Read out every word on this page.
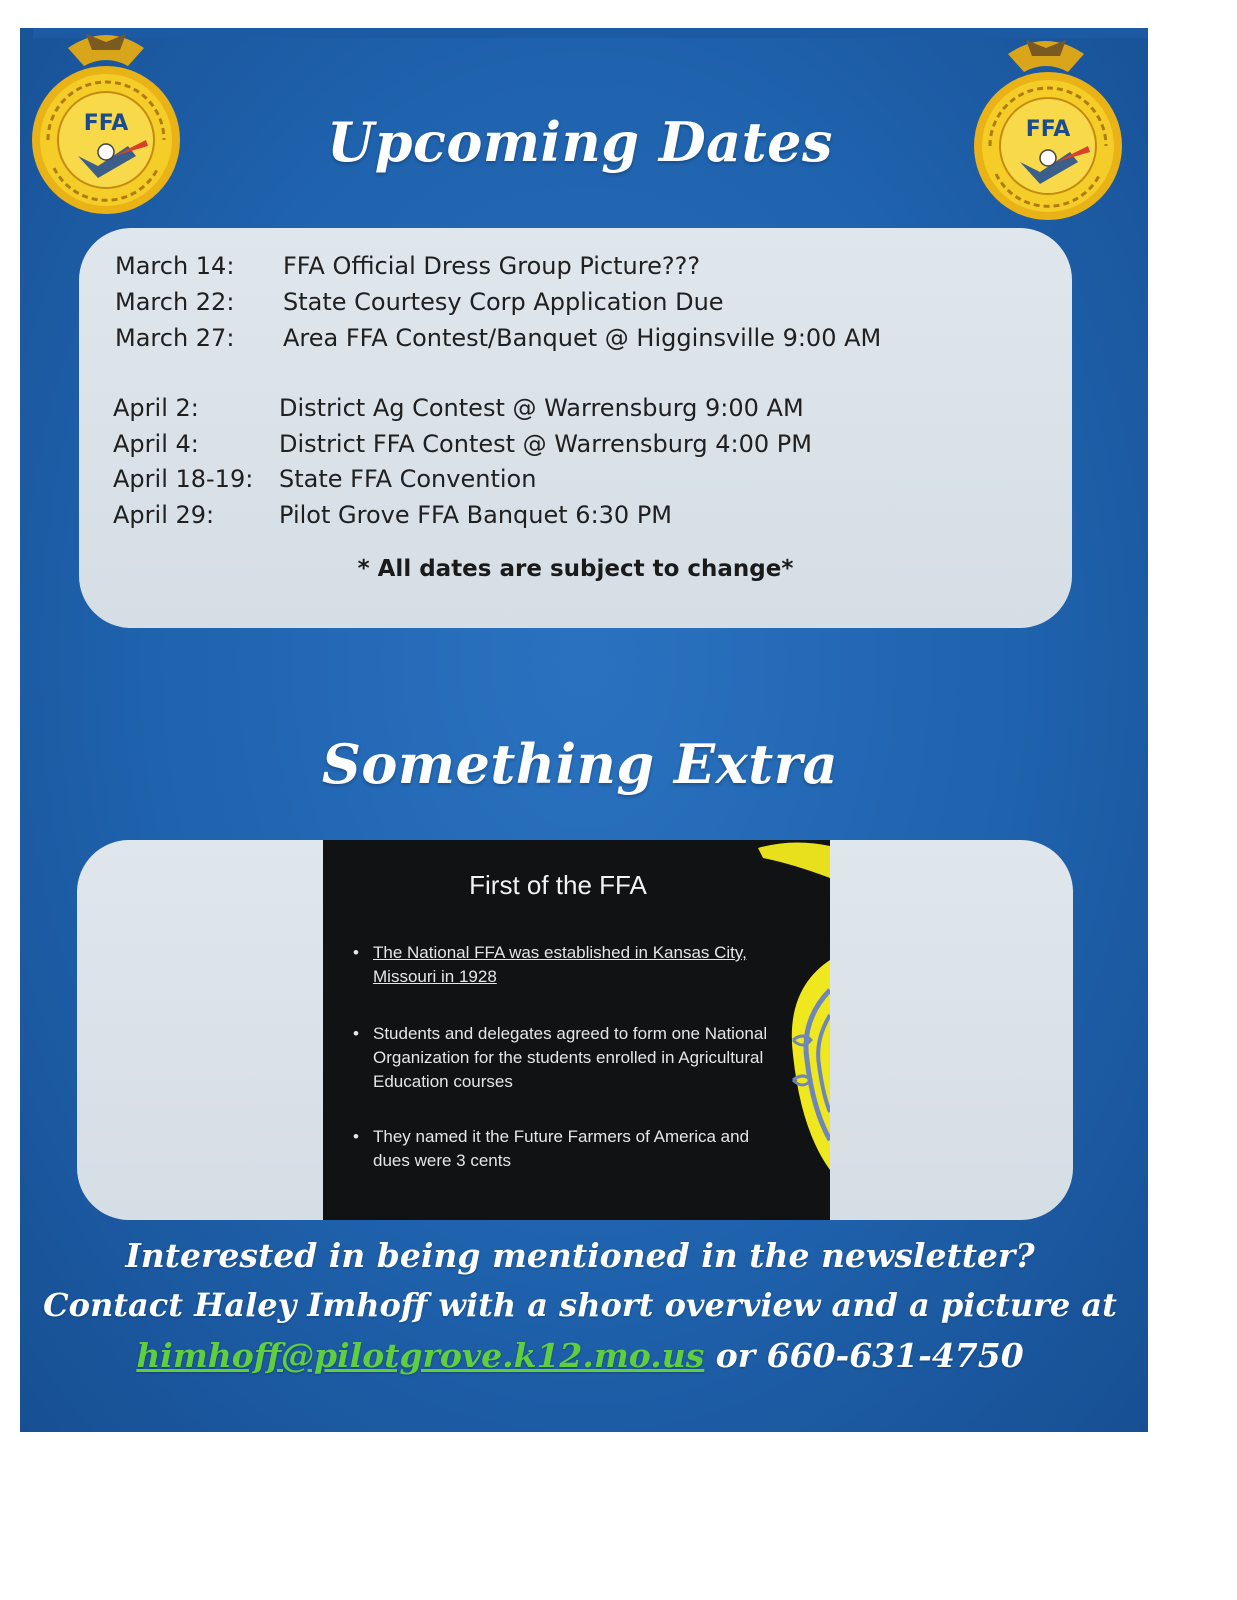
FFA	FFA
Upcoming Dates
March 14: FFA Official Dress Group Picture???
March 22: State Courtesy Corp Application Due
March 27: Area FFA Contest/Banquet @ Higginsville 9:00 AM
April 2:	District Ag Contest @ Warrensburg 9:00 AM
April 4:	District FFA Contest @ Warrensburg 4:00 PM
April 18-19: State FFA Convention
April 29:	Pilot Grove FFA Banquet 6:30 PM
* All dates are subject to change*
Something Extra
First of the FFA
• The National FFA was established in Kansas City, Missouri in 1928
• Students and delegates agreed to form one National Organization for the students enrolled in Agricultural Education courses
• They named it the Future Farmers of America and dues were 3 cents
Interested in being mentioned in the newsletter?
Contact Haley Imhoff with a short overview and a picture at
himhoff@pilotgrove.k12.mo.us or 660-631-4750
